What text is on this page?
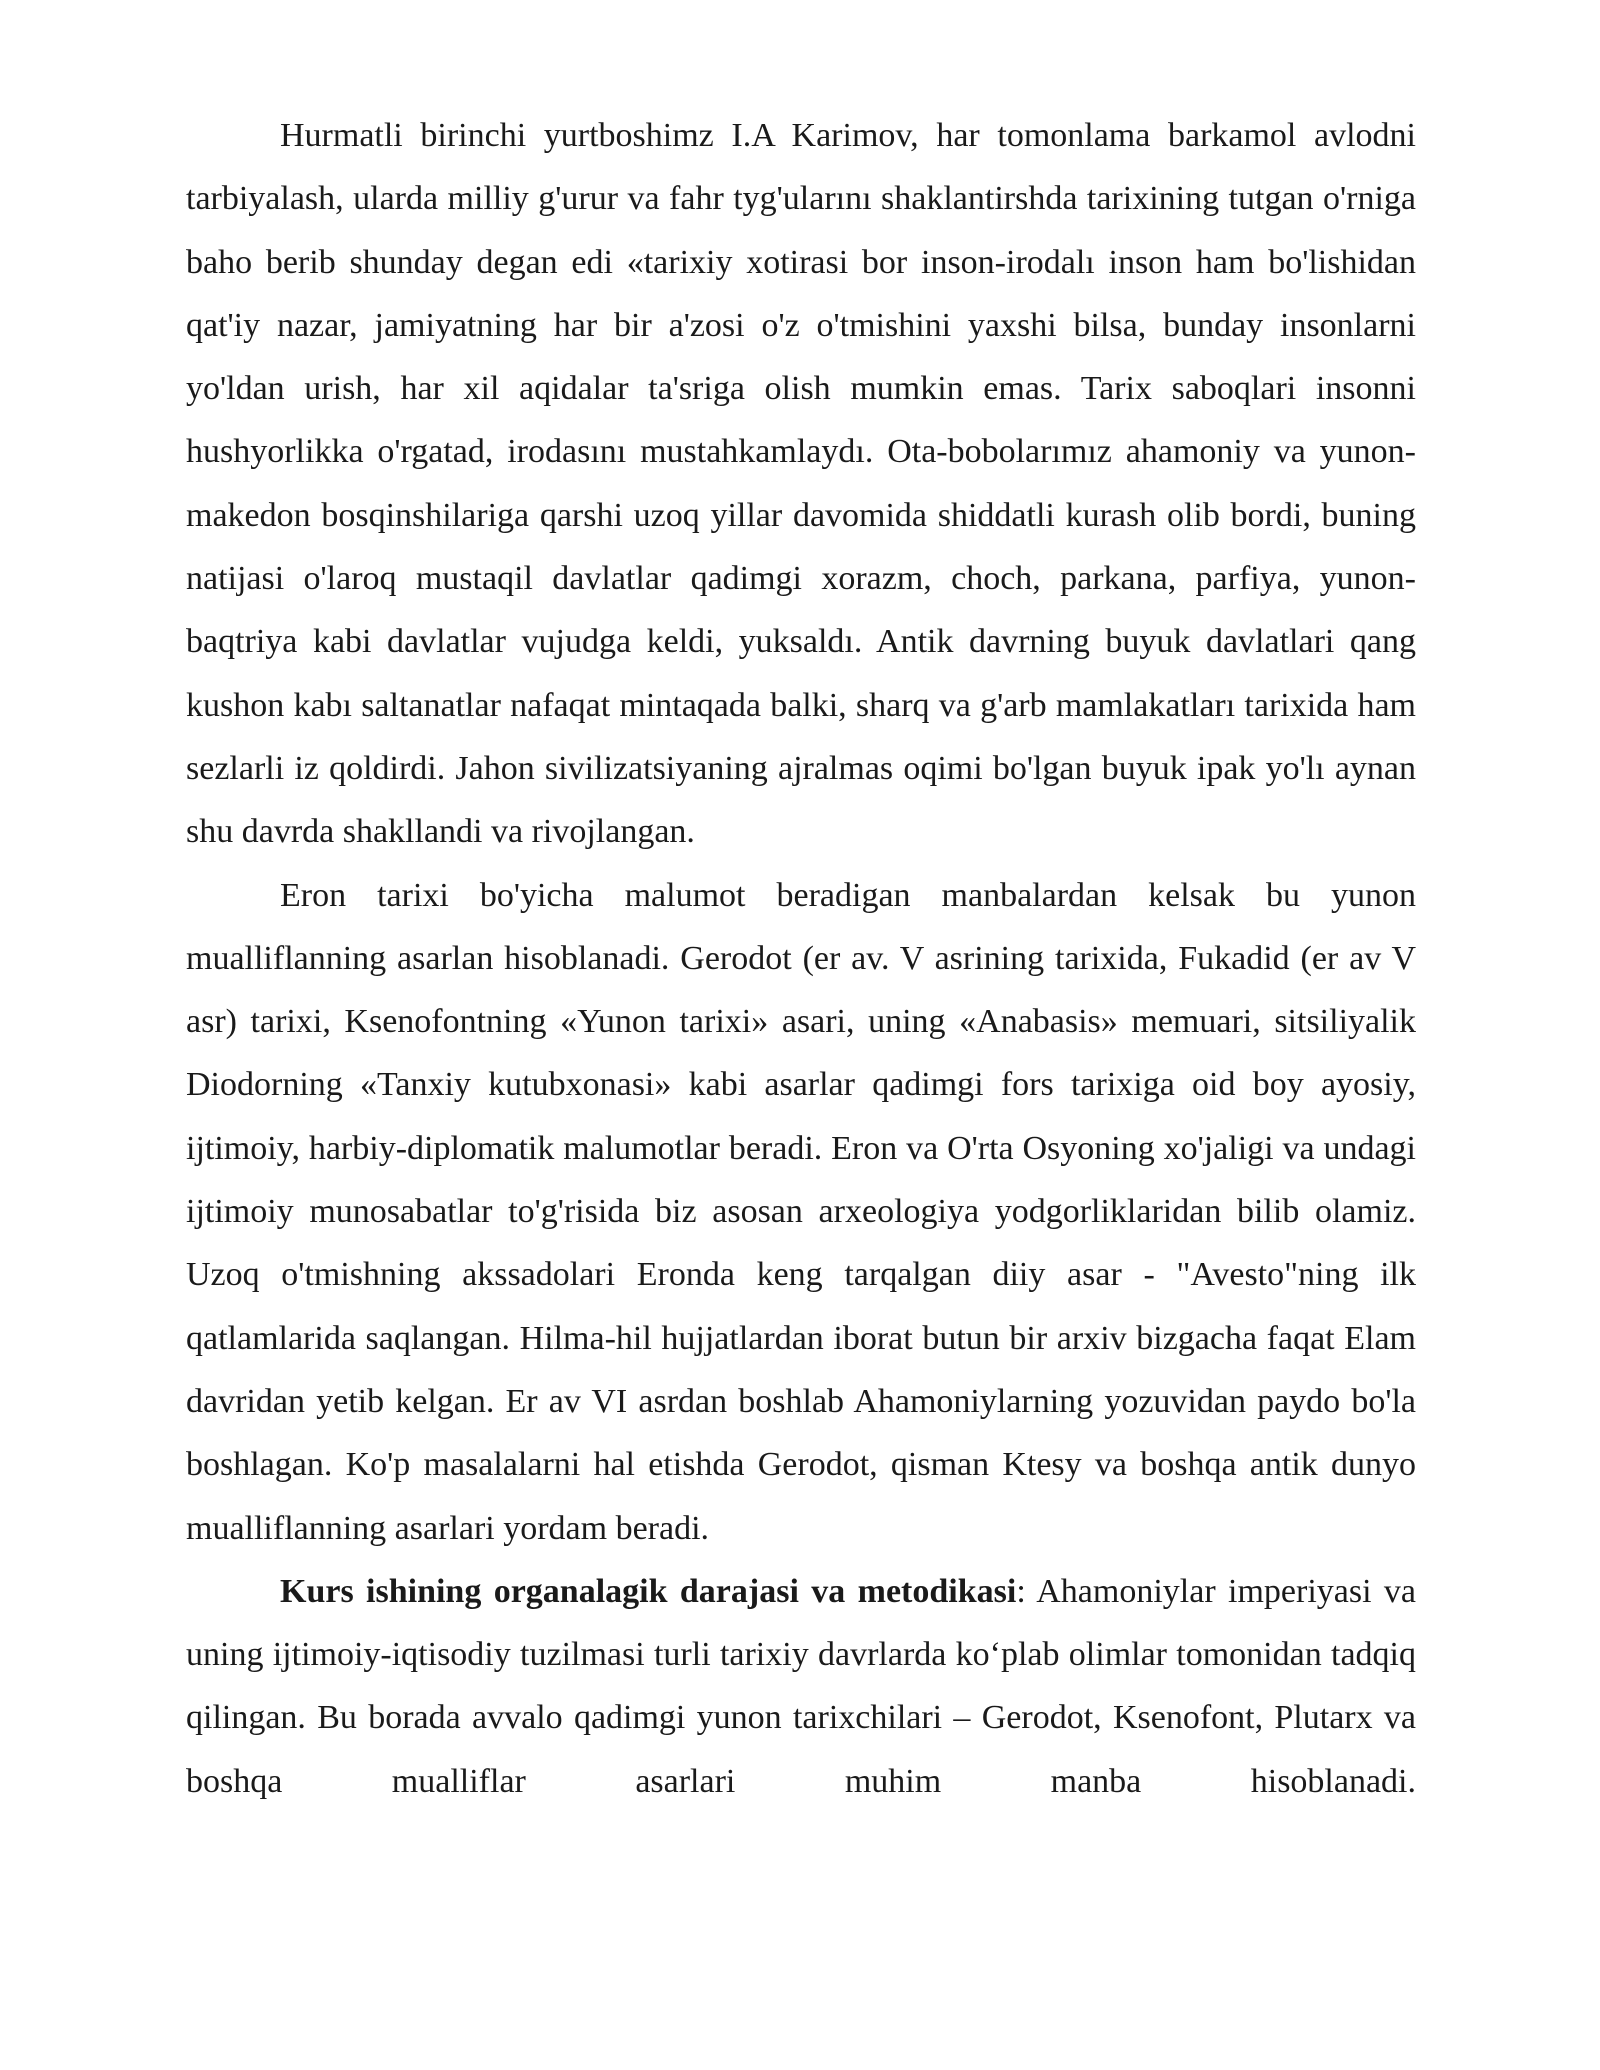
Hurmatli birinchi yurtboshimz I.A Karimov, har tomonlama barkamol avlodni tarbiyalash, ularda milliy g'urur va fahr tyg'ularını shaklantirshda tarixining tutgan o'rniga baho berib shunday degan edi «tarixiy xotirasi bor inson-irodalı inson ham bo'lishidan qat'iy nazar, jamiyatning har bir a'zosi o'z o'tmishini yaxshi bilsa, bunday insonlarni yo'ldan urish, har xil aqidalar ta'sriga olish mumkin emas. Tarix saboqlari insonni hushyorlikka o'rgatad, irodasını mustahkamlaydı. Ota-bobolarımız ahamoniy va yunon-makedon bosqinshilariga qarshi uzoq yillar davomida shiddatli kurash olib bordi, buning natijasi o'laroq mustaqil davlatlar qadimgi xorazm, choch, parkana, parfiya, yunon-baqtriya kabi davlatlar vujudga keldi, yuksaldı. Antik davrning buyuk davlatlari qang kushon kabı saltanatlar nafaqat mintaqada balki, sharq va g'arb mamlakatları tarixida ham sezlarli iz qoldirdi. Jahon sivilizatsiyaning ajralmas oqimi bo'lgan buyuk ipak yo'lı aynan shu davrda shakllandi va rivojlangan.

Eron tarixi bo'yicha malumot beradigan manbalardan kelsak bu yunon mualliflanning asarlan hisoblanadi. Gerodot (er av. V asrining tarixida, Fukadid (er av V asr) tarixi, Ksenofontning «Yunon tarixi» asari, uning «Anabasis» memuari, sitsiliyalik Diodorning «Tanxiy kutubxonasi» kabi asarlar qadimgi fors tarixiga oid boy ayosiy, ijtimoiy, harbiy-diplomatik malumotlar beradi. Eron va O'rta Osyoning xo'jaligi va undagi ijtimoiy munosabatlar to'g'risida biz asosan arxeologiya yodgorliklaridan bilib olamiz. Uzoq o'tmishning akssadolari Eronda keng tarqalgan diiy asar - "Avesto"ning ilk qatlamlarida saqlangan. Hilma-hil hujjatlardan iborat butun bir arxiv bizgacha faqat Elam davridan yetib kelgan. Er av VI asrdan boshlab Ahamoniylarning yozuvidan paydo bo'la boshlagan. Ko'p masalalarni hal etishda Gerodot, qisman Ktesy va boshqa antik dunyo mualliflanning asarlari yordam beradi.

Kurs ishining organalagik darajasi va metodikasi: Ahamoniylar imperiyasi va uning ijtimoiy-iqtisodiy tuzilmasi turli tarixiy davrlarda ko‘plab olimlar tomonidan tadqiq qilingan. Bu borada avvalo qadimgi yunon tarixchilari – Gerodot, Ksenofont, Plutarx va boshqa mualliflar asarlari muhim manba hisoblanadi.
